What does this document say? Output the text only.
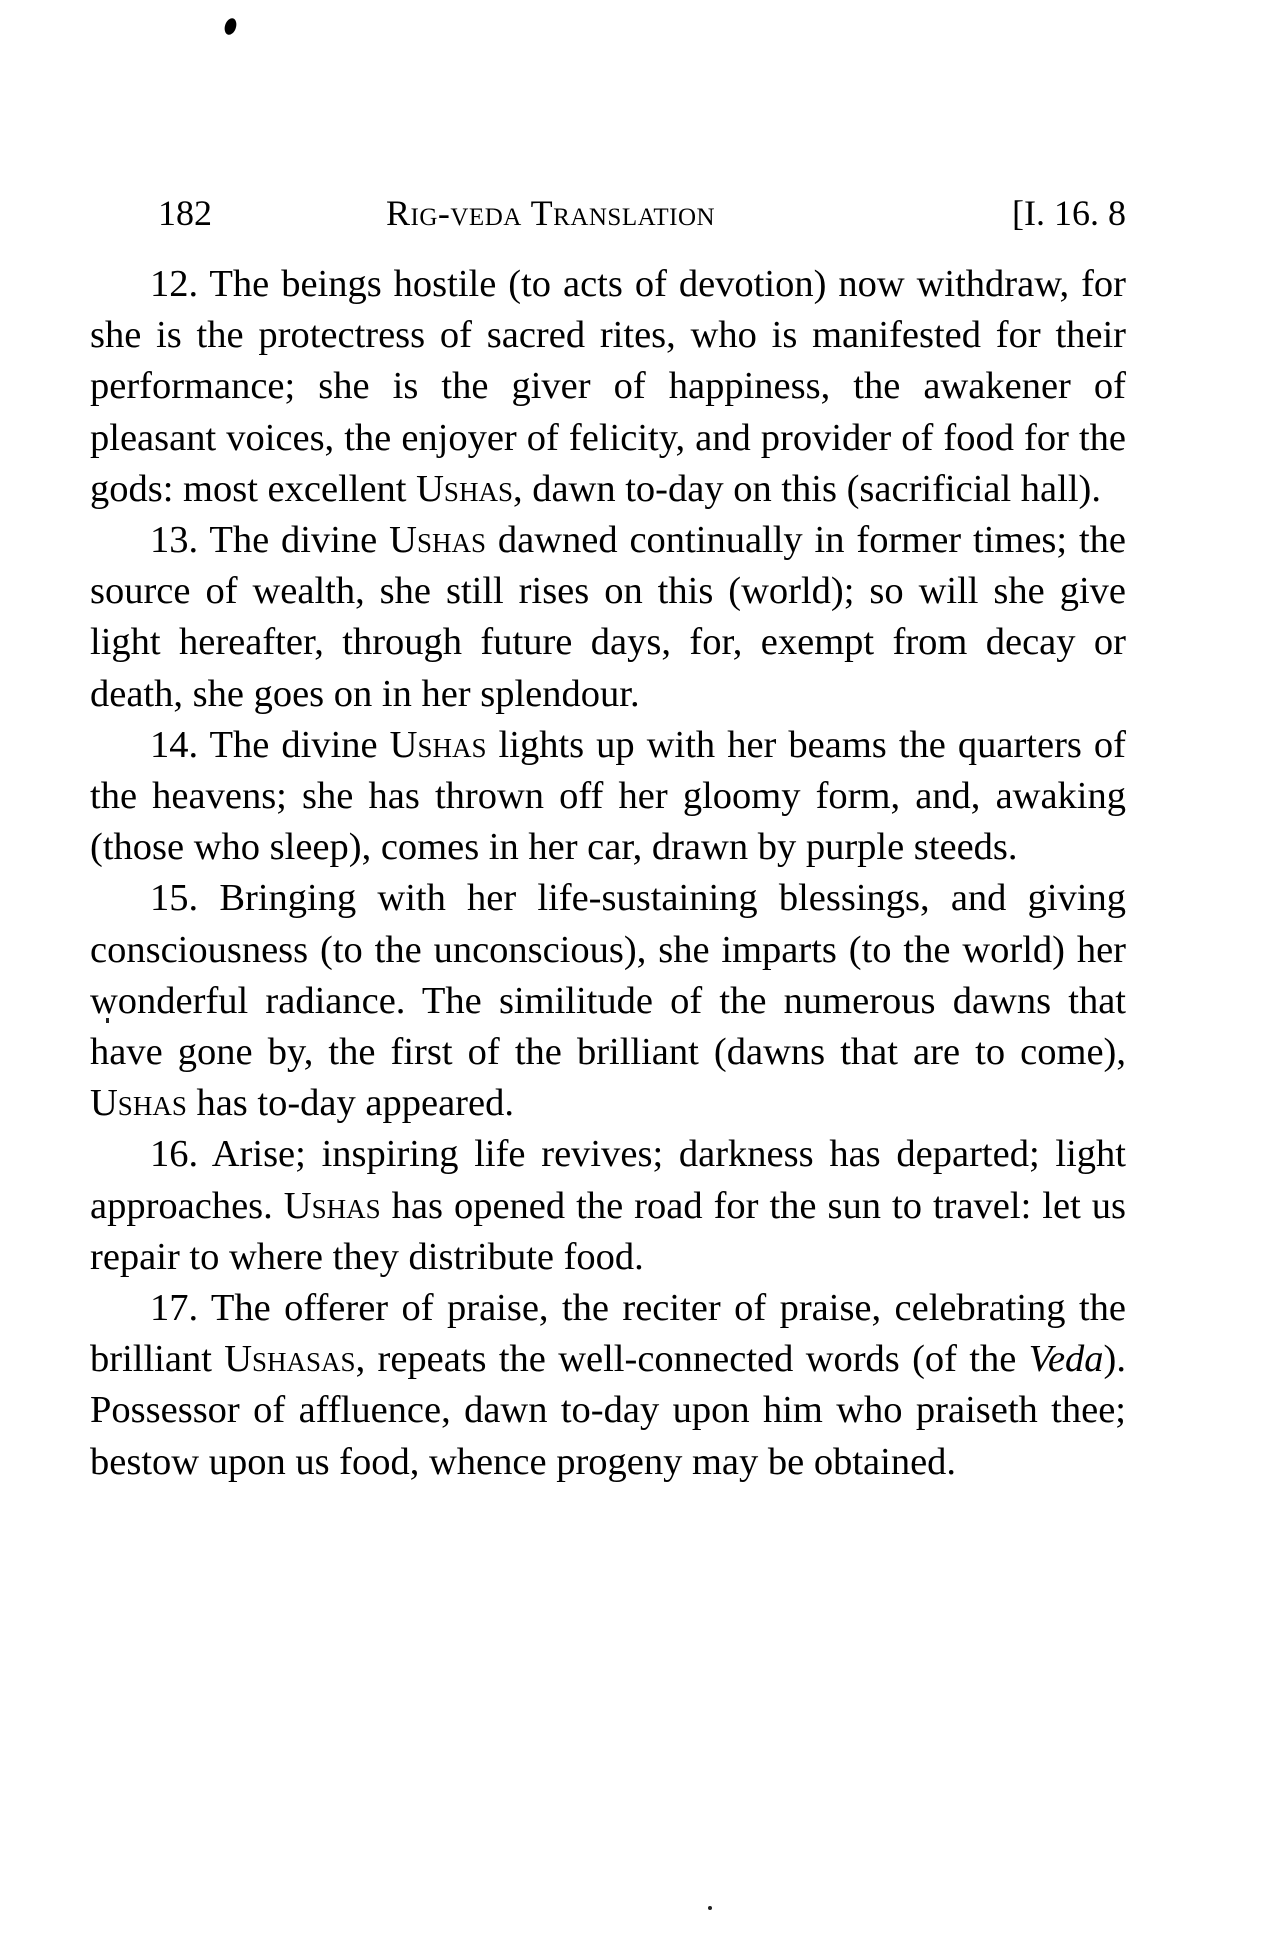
182	Rig-veda Translation	[I. 16. 8

12. The beings hostile (to acts of devotion) now withdraw, for she is the protectress of sacred rites, who is manifested for their performance; she is the giver of happiness, the awakener of pleasant voices, the enjoyer of felicity, and provider of food for the gods: most excellent Ushas, dawn to-day on this (sacrificial hall).

13. The divine Ushas dawned continually in former times; the source of wealth, she still rises on this (world); so will she give light hereafter, through future days, for, exempt from decay or death, she goes on in her splendour.

14. The divine Ushas lights up with her beams the quarters of the heavens; she has thrown off her gloomy form, and, awaking (those who sleep), comes in her car, drawn by purple steeds.

15. Bringing with her life-sustaining blessings, and giving consciousness (to the unconscious), she imparts (to the world) her wonderful radiance. The similitude of the numerous dawns that have gone by, the first of the brilliant (dawns that are to come), Ushas has to-day appeared.

16. Arise; inspiring life revives; darkness has departed; light approaches. Ushas has opened the road for the sun to travel: let us repair to where they distribute food.

17. The offerer of praise, the reciter of praise, celebrating the brilliant Ushasas, repeats the well-connected words (of the Veda). Possessor of affluence, dawn to-day upon him who praiseth thee; bestow upon us food, whence progeny may be obtained.
